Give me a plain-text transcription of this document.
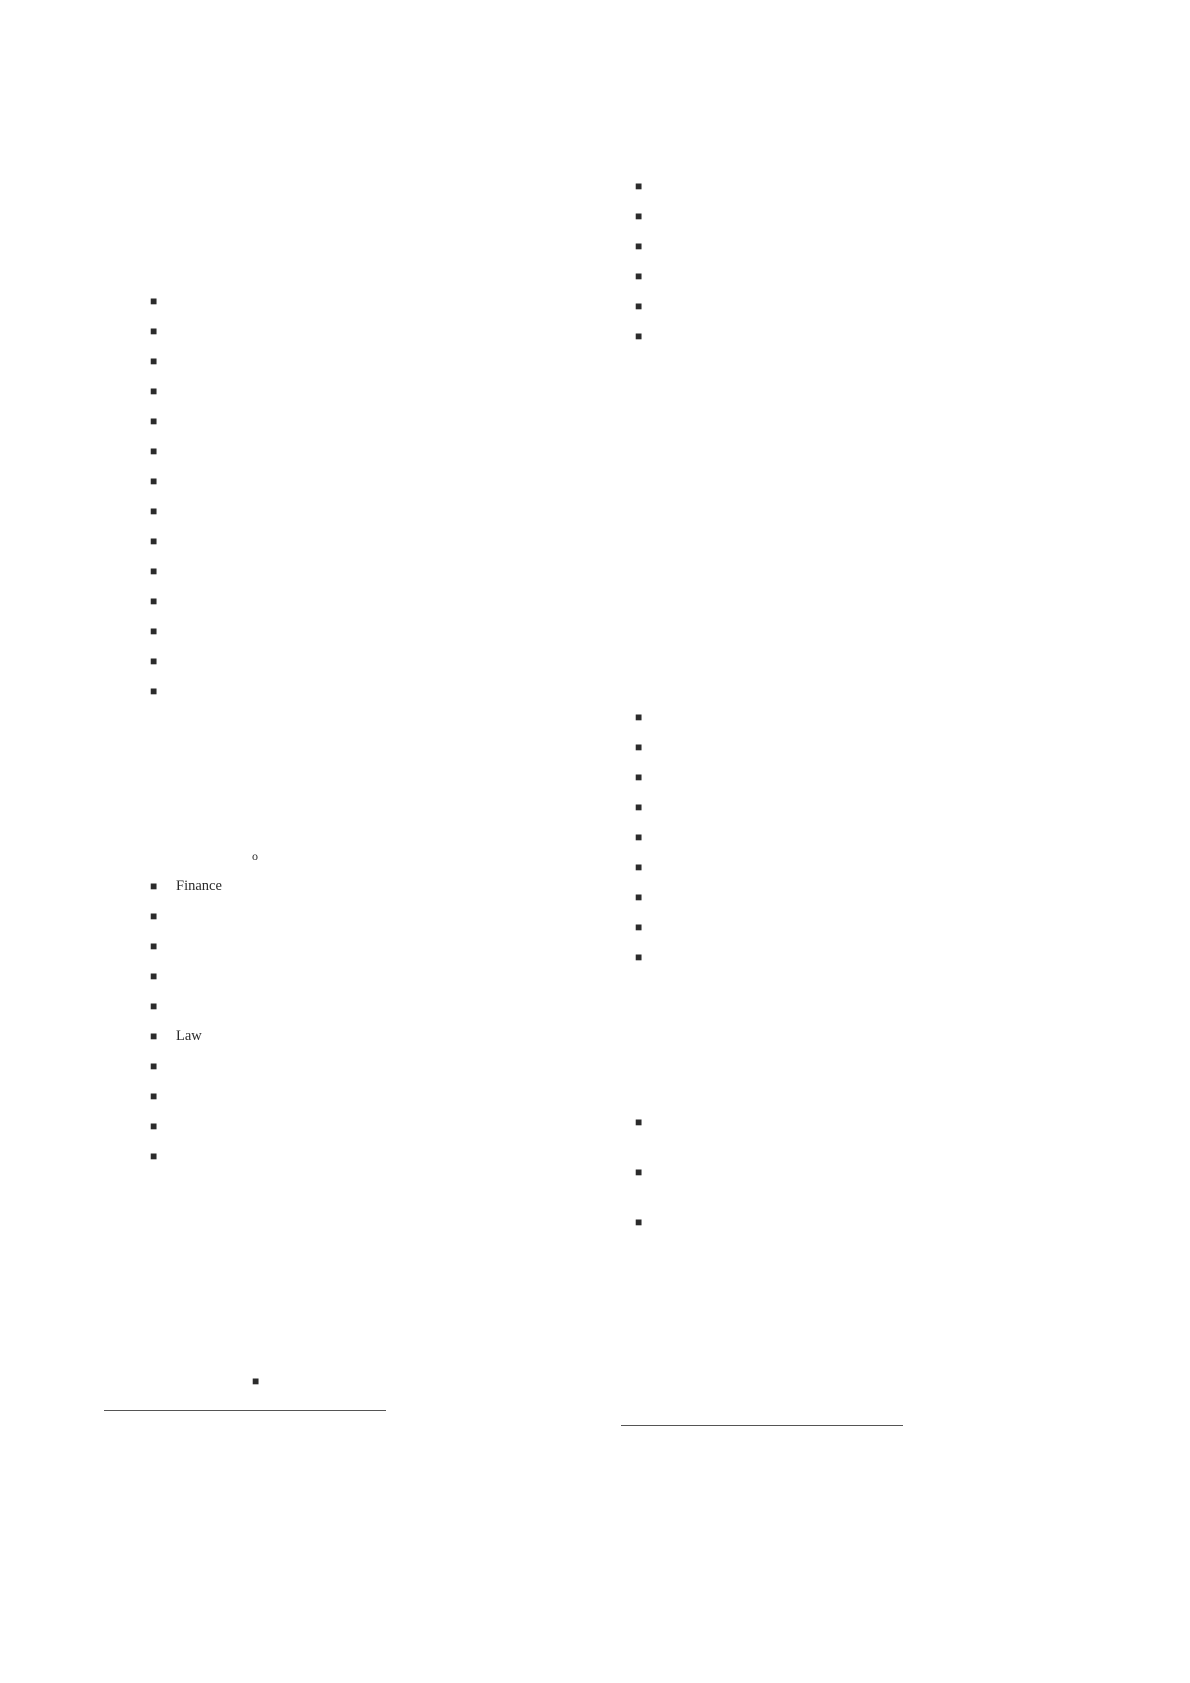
■
■
■
■
■
■
■
■
■
■
■
■
■
■
o
■ Finance
■
■
■
■
■ Law
■
■
■
■
■
■
■
■
■
■
■
■
■
■
■
■
■
■
■
■
■
■
■
